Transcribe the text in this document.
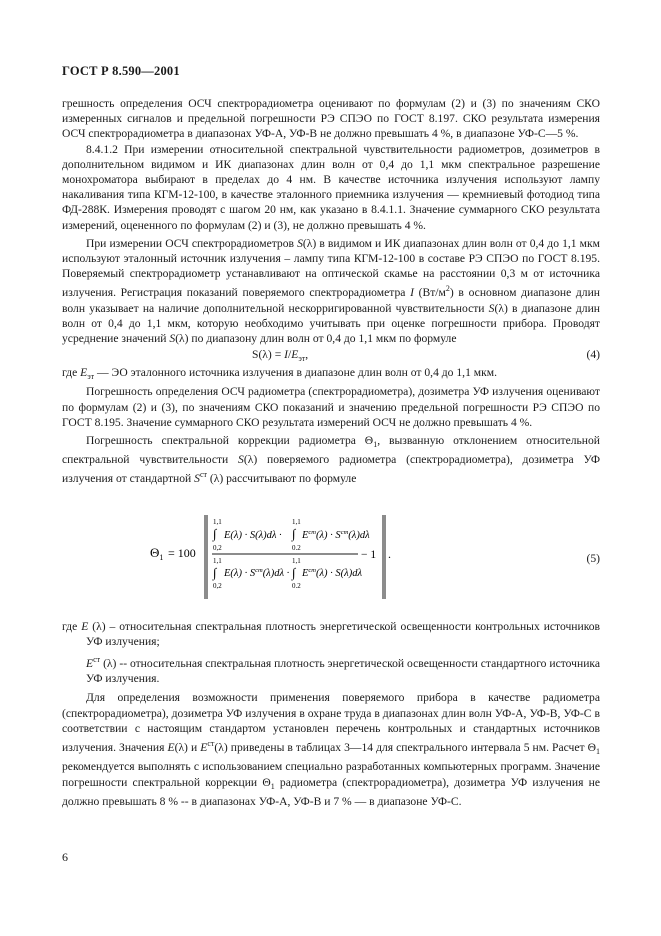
ГОСТ Р 8.590—2001

грешность определения ОСЧ спектрорадиометра оценивают по формулам (2) и (3) по значениям СКО измеренных сигналов и предельной погрешности РЭ СПЭО по ГОСТ 8.197. СКО результата измерения ОСЧ спектрорадиометра в диапазонах УФ-А, УФ-В не должно превышать 4 %, в диапазоне УФ-С—5 %.

8.4.1.2 При измерении относительной спектральной чувствительности радиометров, дозиметров в дополнительном видимом и ИК диапазонах длин волн от 0,4 до 1,1 мкм спектральное разрешение монохроматора выбирают в пределах до 4 нм. В качестве источника излучения используют лампу накаливания типа КГМ-12-100, в качестве эталонного приемника излучения — кремниевый фотодиод типа ФД-288К. Измерения проводят с шагом 20 нм, как указано в 8.4.1.1. Значение суммарного СКО результата измерений, оцененного по формулам (2) и (3), не должно превышать 4 %.

При измерении ОСЧ спектрорадиометров S(λ) в видимом и ИК диапазонах длин волн от 0,4 до 1,1 мкм используют эталонный источник излучения – лампу типа КГМ-12-100 в составе РЭ СПЭО по ГОСТ 8.195. Поверяемый спектрорадиометр устанавливают на оптической скамье на расстоянии 0,3 м от источника излучения. Регистрация показаний поверяемого спектрорадиометра I $(Вт/м^2)$ в основном диапазоне длин волн указывает на наличие дополнительной нескорригированной чувствительности S(λ) в диапазоне длин волн от 0,4 до 1,1 мкм, которую необходимо учитывать при оценке погрешности прибора. Проводят усреднение значений S(λ) по диапазону длин волн от 0,4 до 1,1 мкм по формуле

$S(\lambda) = I/E_{эт}$,	(4)

где $E_{эт}$ — ЭО эталонного источника излучения в диапазоне длин волн от 0,4 до 1,1 мкм.

Погрешность определения ОСЧ радиометра (спектрорадиометра), дозиметра УФ излучения оценивают по формулам (2) и (3), по значениям СКО показаний и значению предельной погрешности РЭ СПЭО по ГОСТ 8.195. Значение суммарного СКО результата измерений ОСЧ не должно превышать 4 %.

Погрешность спектральной коррекции радиометра $\Theta_1$, вызванную отклонением относительной спектральной чувствительности S(λ) поверяемого радиометра (спектрорадиометра), дозиметра УФ излучения от стандартной $S^{ст}$ (λ) рассчитывают по формуле

$\Theta_1 = 100$
1,1
∫
0,2
E(λ) · S(λ)dλ ·
1,1
∫
0.2
$E^{ст}(\lambda) \cdot S^{ст}(\lambda)d\lambda$
1,1
∫
0,2
$E(\lambda) \cdot S^{ст}(\lambda)d\lambda$ ·
1,1
∫
0.2
$E^{ст}(\lambda) \cdot S(\lambda)d\lambda$
− 1 .	(5)

где E (λ) – относительная спектральная плотность энергетической освещенности контрольных источников УФ излучения;

$E^{ст}$ (λ) -- относительная спектральная плотность энергетической освещенности стандартного источника УФ излучения.

Для определения возможности применения поверяемого прибора в качестве радиометра (спектрорадиометра), дозиметра УФ излучения в охране труда в диапазонах длин волн УФ-А, УФ-В, УФ-С в соответствии с настоящим стандартом установлен перечень контрольных и стандартных источников излучения. Значения E(λ) и $E^{ст}(\lambda)$ приведены в таблицах 3—14 для спектрального интервала 5 нм. Расчет $\Theta_1$ рекомендуется выполнять с использованием специально разработанных компьютерных программ. Значение погрешности спектральной коррекции $\Theta_1$ радиометра (спектрорадиометра), дозиметра УФ излучения не должно превышать 8 % -- в диапазонах УФ-А, УФ-В и 7 % — в диапазоне УФ-С.

6
